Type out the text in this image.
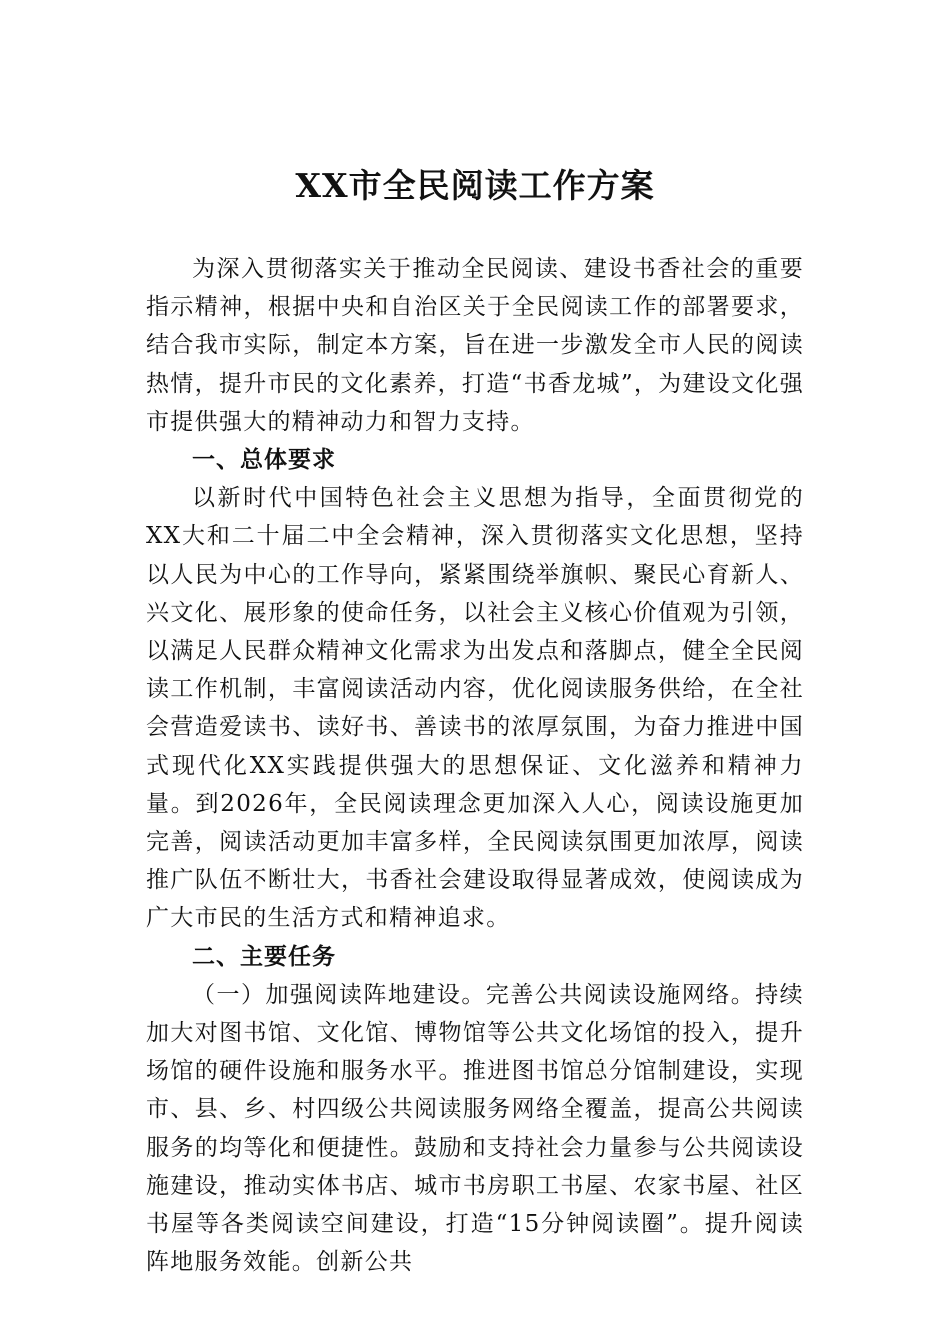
XX市全民阅读工作方案

为深入贯彻落实关于推动全民阅读、建设书香社会的重要指示精神，根据中央和自治区关于全民阅读工作的部署要求，结合我市实际，制定本方案，旨在进一步激发全市人民的阅读热情，提升市民的文化素养，打造“书香龙城”，为建设文化强市提供强大的精神动力和智力支持。

一、总体要求

以新时代中国特色社会主义思想为指导，全面贯彻党的XX大和二十届二中全会精神，深入贯彻落实文化思想，坚持以人民为中心的工作导向，紧紧围绕举旗帜、聚民心育新人、兴文化、展形象的使命任务，以社会主义核心价值观为引领，以满足人民群众精神文化需求为出发点和落脚点，健全全民阅读工作机制，丰富阅读活动内容，优化阅读服务供给，在全社会营造爱读书、读好书、善读书的浓厚氛围，为奋力推进中国式现代化XX实践提供强大的思想保证、文化滋养和精神力量。到2026年，全民阅读理念更加深入人心，阅读设施更加完善，阅读活动更加丰富多样，全民阅读氛围更加浓厚，阅读推广队伍不断壮大，书香社会建设取得显著成效，使阅读成为广大市民的生活方式和精神追求。

二、主要任务

（一）加强阅读阵地建设。完善公共阅读设施网络。持续加大对图书馆、文化馆、博物馆等公共文化场馆的投入，提升场馆的硬件设施和服务水平。推进图书馆总分馆制建设，实现市、县、乡、村四级公共阅读服务网络全覆盖，提高公共阅读服务的均等化和便捷性。鼓励和支持社会力量参与公共阅读设施建设，推动实体书店、城市书房职工书屋、农家书屋、社区书屋等各类阅读空间建设，打造“15分钟阅读圈”。提升阅读阵地服务效能。创新公共
